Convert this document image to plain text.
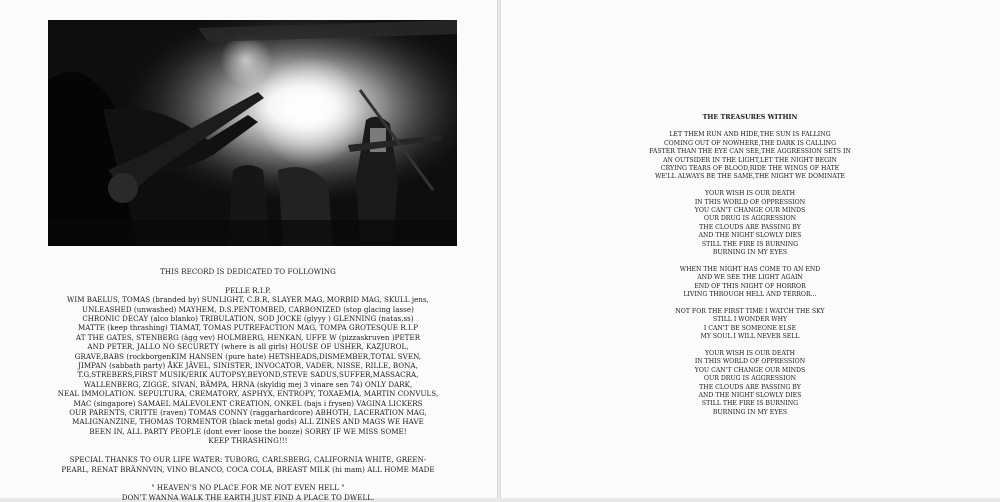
THIS RECORD IS DEDICATED TO FOLLOWING
PELLE R.I.P.
WIM BAELUS, TOMAS (branded by) SUNLIGHT, C.B.R, SLAYER MAG, MORBID MAG, SKULL jens,
UNLEASHED (unwashed) MAYHEM, D.S.PENTOMBED, CARBONIZED (stop glacing lasse)
CHRONIC DECAY (alco blanko) TRIBULATION, SOD JOCKE (glyyy ) GLENNING (natas,ss)
MATTE (keep thrashing) TIAMAT, TOMAS PUTREFACTION MAG, TOMPA GROTESQUE R.I.P
AT THE GATES, STENBERG (ägg vev) HOLMBERG, HENKAN, UFFE W (pizzaskruven )PETER
AND PETER, JALLO NO SECURETY (where is all girls) HOUSE OF USHER, KAZJUROL,
GRAVE,BABS (rockborgenKIM HANSEN (pure hate) HETSHEADS,DISMEMBER,TOTAL SVEN,
JIMPAN (sabbath party) ÅKE JÄVEL, SINISTER, INVOCATOR, VADER, NISSE, RILLE, BONA,
T.G,STREBERS,FIRST MUSIK/ERIK AUTOPSY,BEYOND,STEVE SADUS,SUFFER,MASSACRA,
WALLENBERG, ZIGGE, SIVAN, BÄMPA, HRNA (skyldig mej 3 vinare sen 74) ONLY DARK,
NEAL IMMOLATION. SEPULTURA, CREMATORY, ASPHYX, ENTROPY, TOXAEMIA, MARTIN CONVULS,
MAC (singapore) SAMAEL MALEVOLENT CREATION, ONKEL (bajs i frysen) VAGINA LICKERS
OUR PARENTS, CRITTE (raven) TOMAS CONNY (raggarhardcore) ABHOTH, LACERATION MAG,
MALIGNANZINE, THOMAS TORMENTOR (black metal gods) ALL ZINES AND MAGS WE HAVE
BEEN IN, ALL PARTY PEOPLE (dont ever loose the booze) SORRY IF WE MISS SOME!
KEEP THRASHING!!!
SPECIAL THANKS TO OUR LIFE WATER: TUBORG, CARLSBERG, CALIFORNIA WHITE, GREEN-
PEARL, RENAT BRÄNNVIN, VINO BLANCO, COCA COLA, BREAST MILK (hi mam) ALL HOME MADE
" HEAVEN'S NO PLACE FOR ME NOT EVEN HELL "
DON'T WANNA WALK THE EARTH JUST FIND A PLACE TO DWELL.
THE TREASURES WITHIN
LET THEM RUN AND HIDE,THE SUN IS FALLING
COMING OUT OF NOWHERE,THE DARK IS CALLING
FASTER THAN THE EYE CAN SEE,THE AGGRESSION SETS IN
AN OUTSIDER IN THE LIGHT,LET THE NIGHT BEGIN
CRYING TEARS OF BLOOD,RIDE THE WINGS OF HATE
WE'LL ALWAYS BE THE SAME,THE NIGHT WE DOMINATE
YOUR WISH IS OUR DEATH
IN THIS WORLD OF OPPRESSION
YOU CAN'T CHANGE OUR MINDS
OUR DRUG IS AGGRESSION
THE CLOUDS ARE PASSING BY
AND THE NIGHT SLOWLY DIES
STILL THE FIRE IS BURNING
BURNING IN MY EYES
WHEN THE NIGHT HAS COME TO AN END
AND WE SEE THE LIGHT AGAIN
END OF THIS NIGHT OF HORROR
LIVING THROUGH HELL AND TERROR...
NOT FOR THE FIRST TIME I WATCH THE SKY
STILL I WONDER WHY
I CAN'T BE SOMEONE ELSE
MY SOUL I WILL NEVER SELL
YOUR WISH IS OUR DEATH
IN THIS WORLD OF OPPRESSION
YOU CAN'T CHANGE OUR MINDS
OUR DRUG IS AGGRESSION
THE CLOUDS ARE PASSING BY
AND THE NIGHT SLOWLY DIES
STILL THE FIRE IS BURNING
BURNING IN MY EYES
